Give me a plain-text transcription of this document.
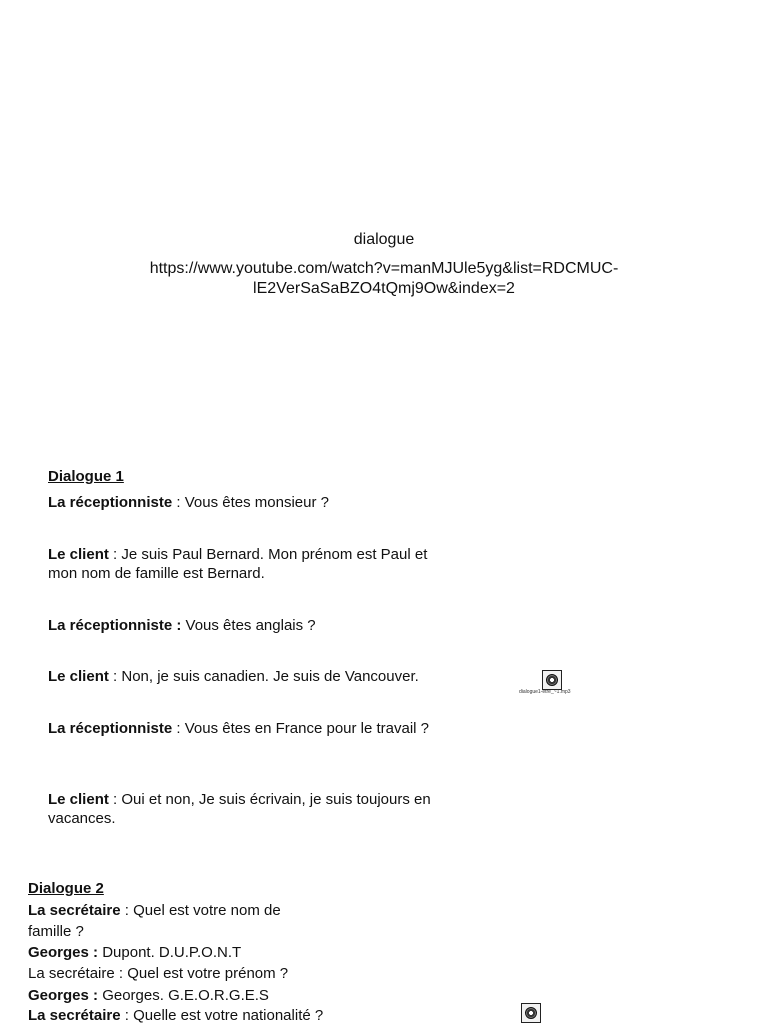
dialogue
https://www.youtube.com/watch?v=manMJUle5yg&list=RDCMUC-
lE2VerSaSaBZO4tQmj9Ow&index=2
Dialogue 1
La réceptionniste : Vous êtes monsieur ?
Le client : Je suis Paul Bernard. Mon prénom est Paul et mon nom de famille est Bernard.
La réceptionniste : Vous êtes anglais ?
Le client : Non, je suis canadien. Je suis de Vancouver.
La réceptionniste : Vous êtes en France pour le travail ?
Le client : Oui et non, Je suis écrivain, je suis toujours en vacances.
dialogue1-etre_~1.mp3
Dialogue 2
La secrétaire : Quel est votre nom de famille ?
Georges : Dupont. D.U.P.O.N.T
La secrétaire : Quel est votre prénom ?
Georges : Georges. G.E.O.R.G.E.S
La secrétaire : Quelle est votre nationalité ?
